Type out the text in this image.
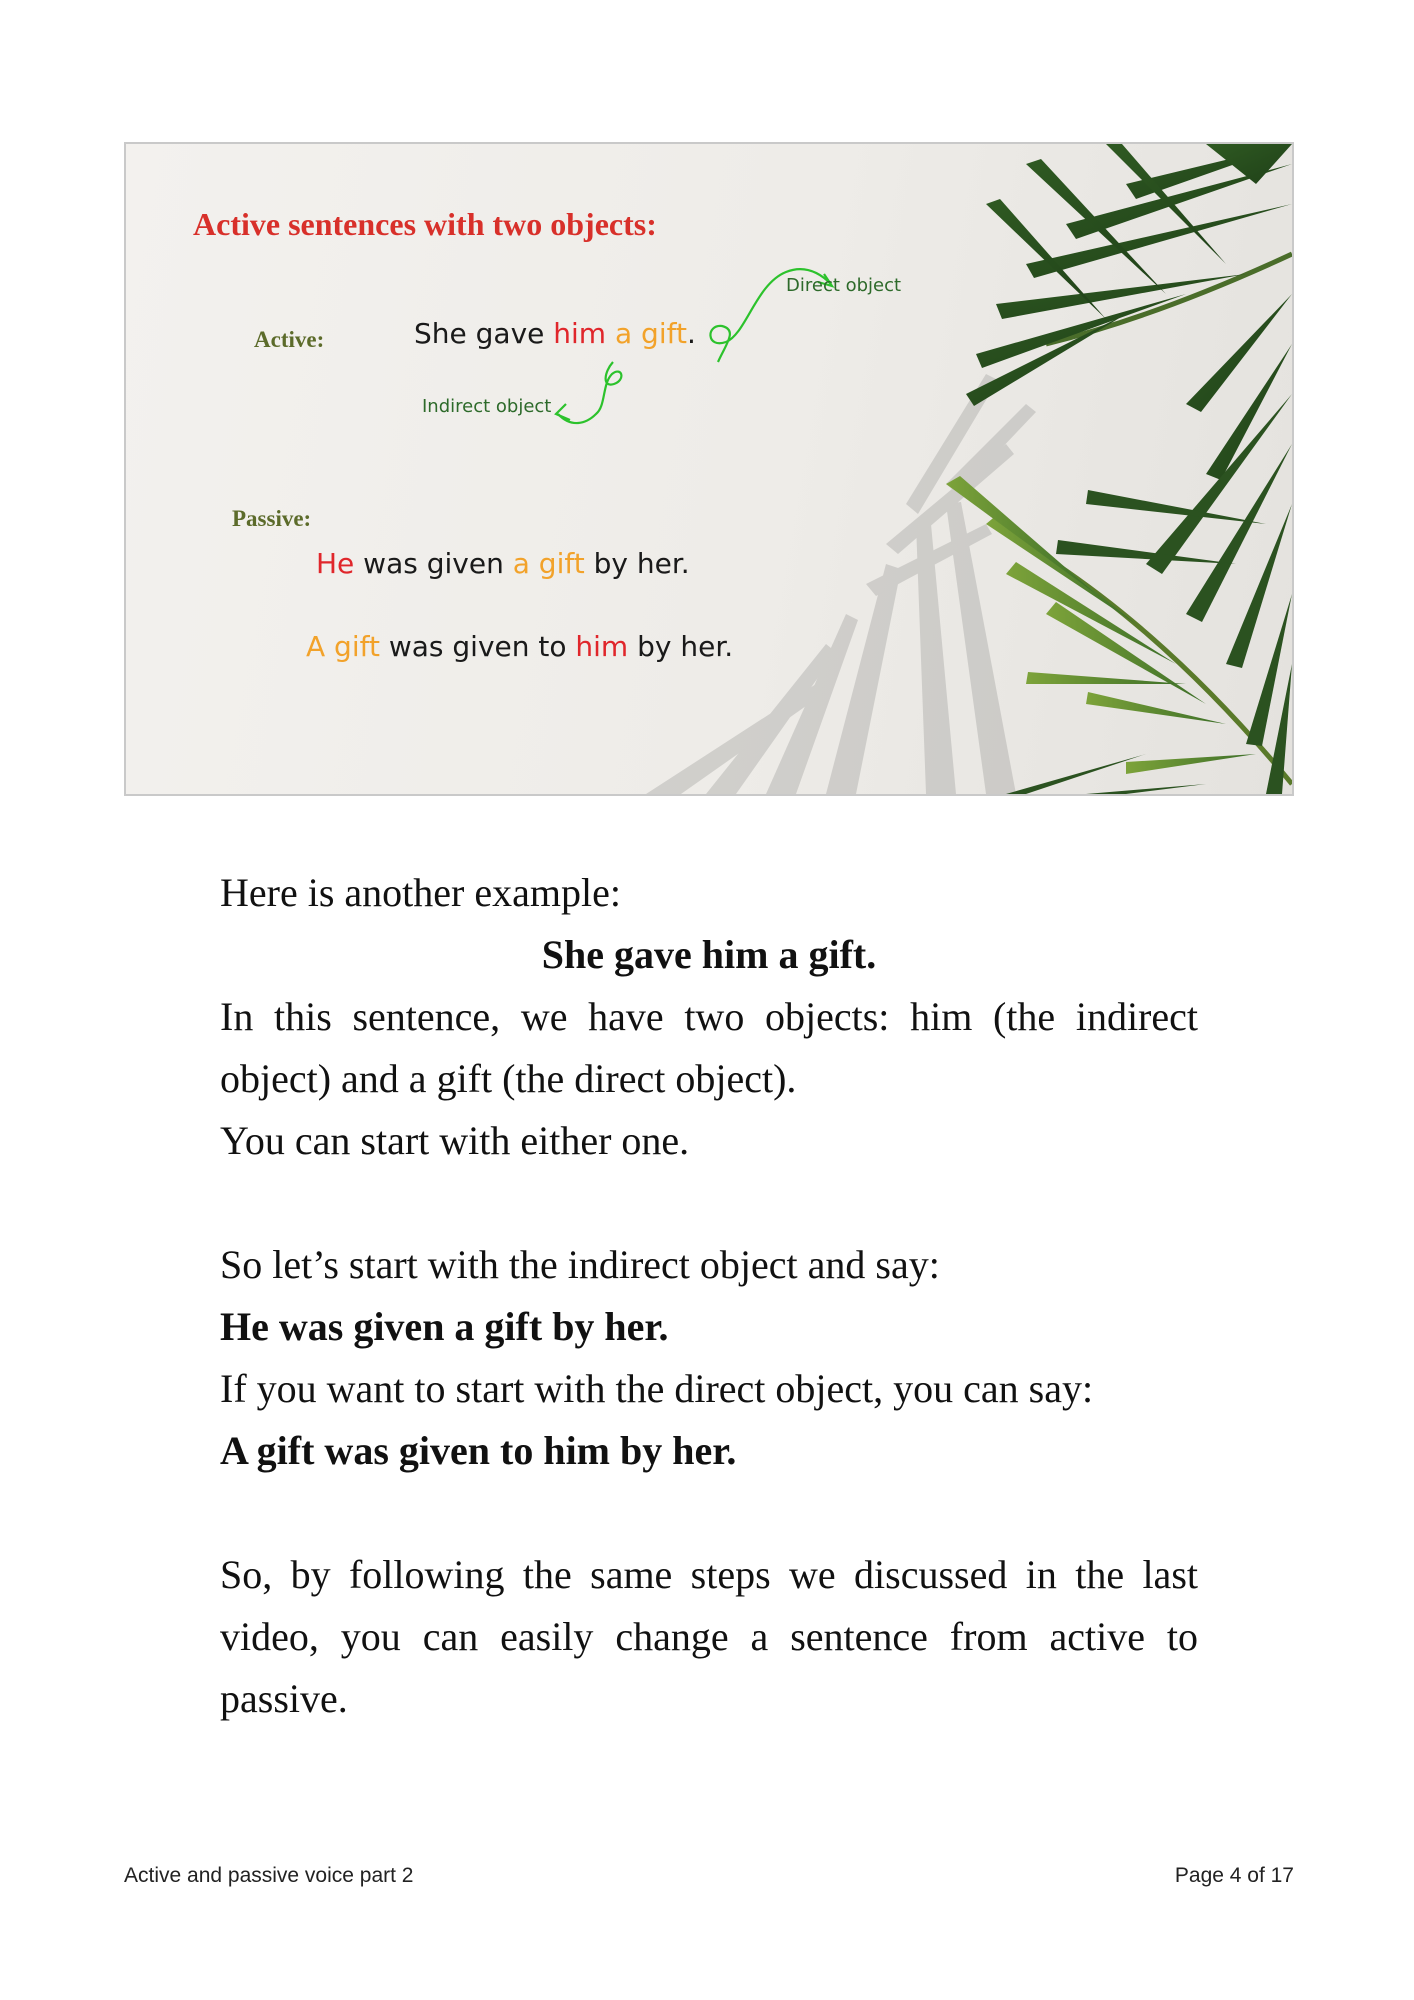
Active sentences with two objects:
Active:	She gave him a gift.
Direct object
Indirect object
Passive:
He was given a gift by her.
A gift was given to him by her.

Here is another example:

She gave him a gift.

In this sentence, we have two objects: him (the indirect object) and a gift (the direct object).

You can start with either one.

So let’s start with the indirect object and say:

He was given a gift by her.

If you want to start with the direct object, you can say:

A gift was given to him by her.

So, by following the same steps we discussed in the last video, you can easily change a sentence from active to passive.

Active and passive voice part 2	Page 4 of 17
